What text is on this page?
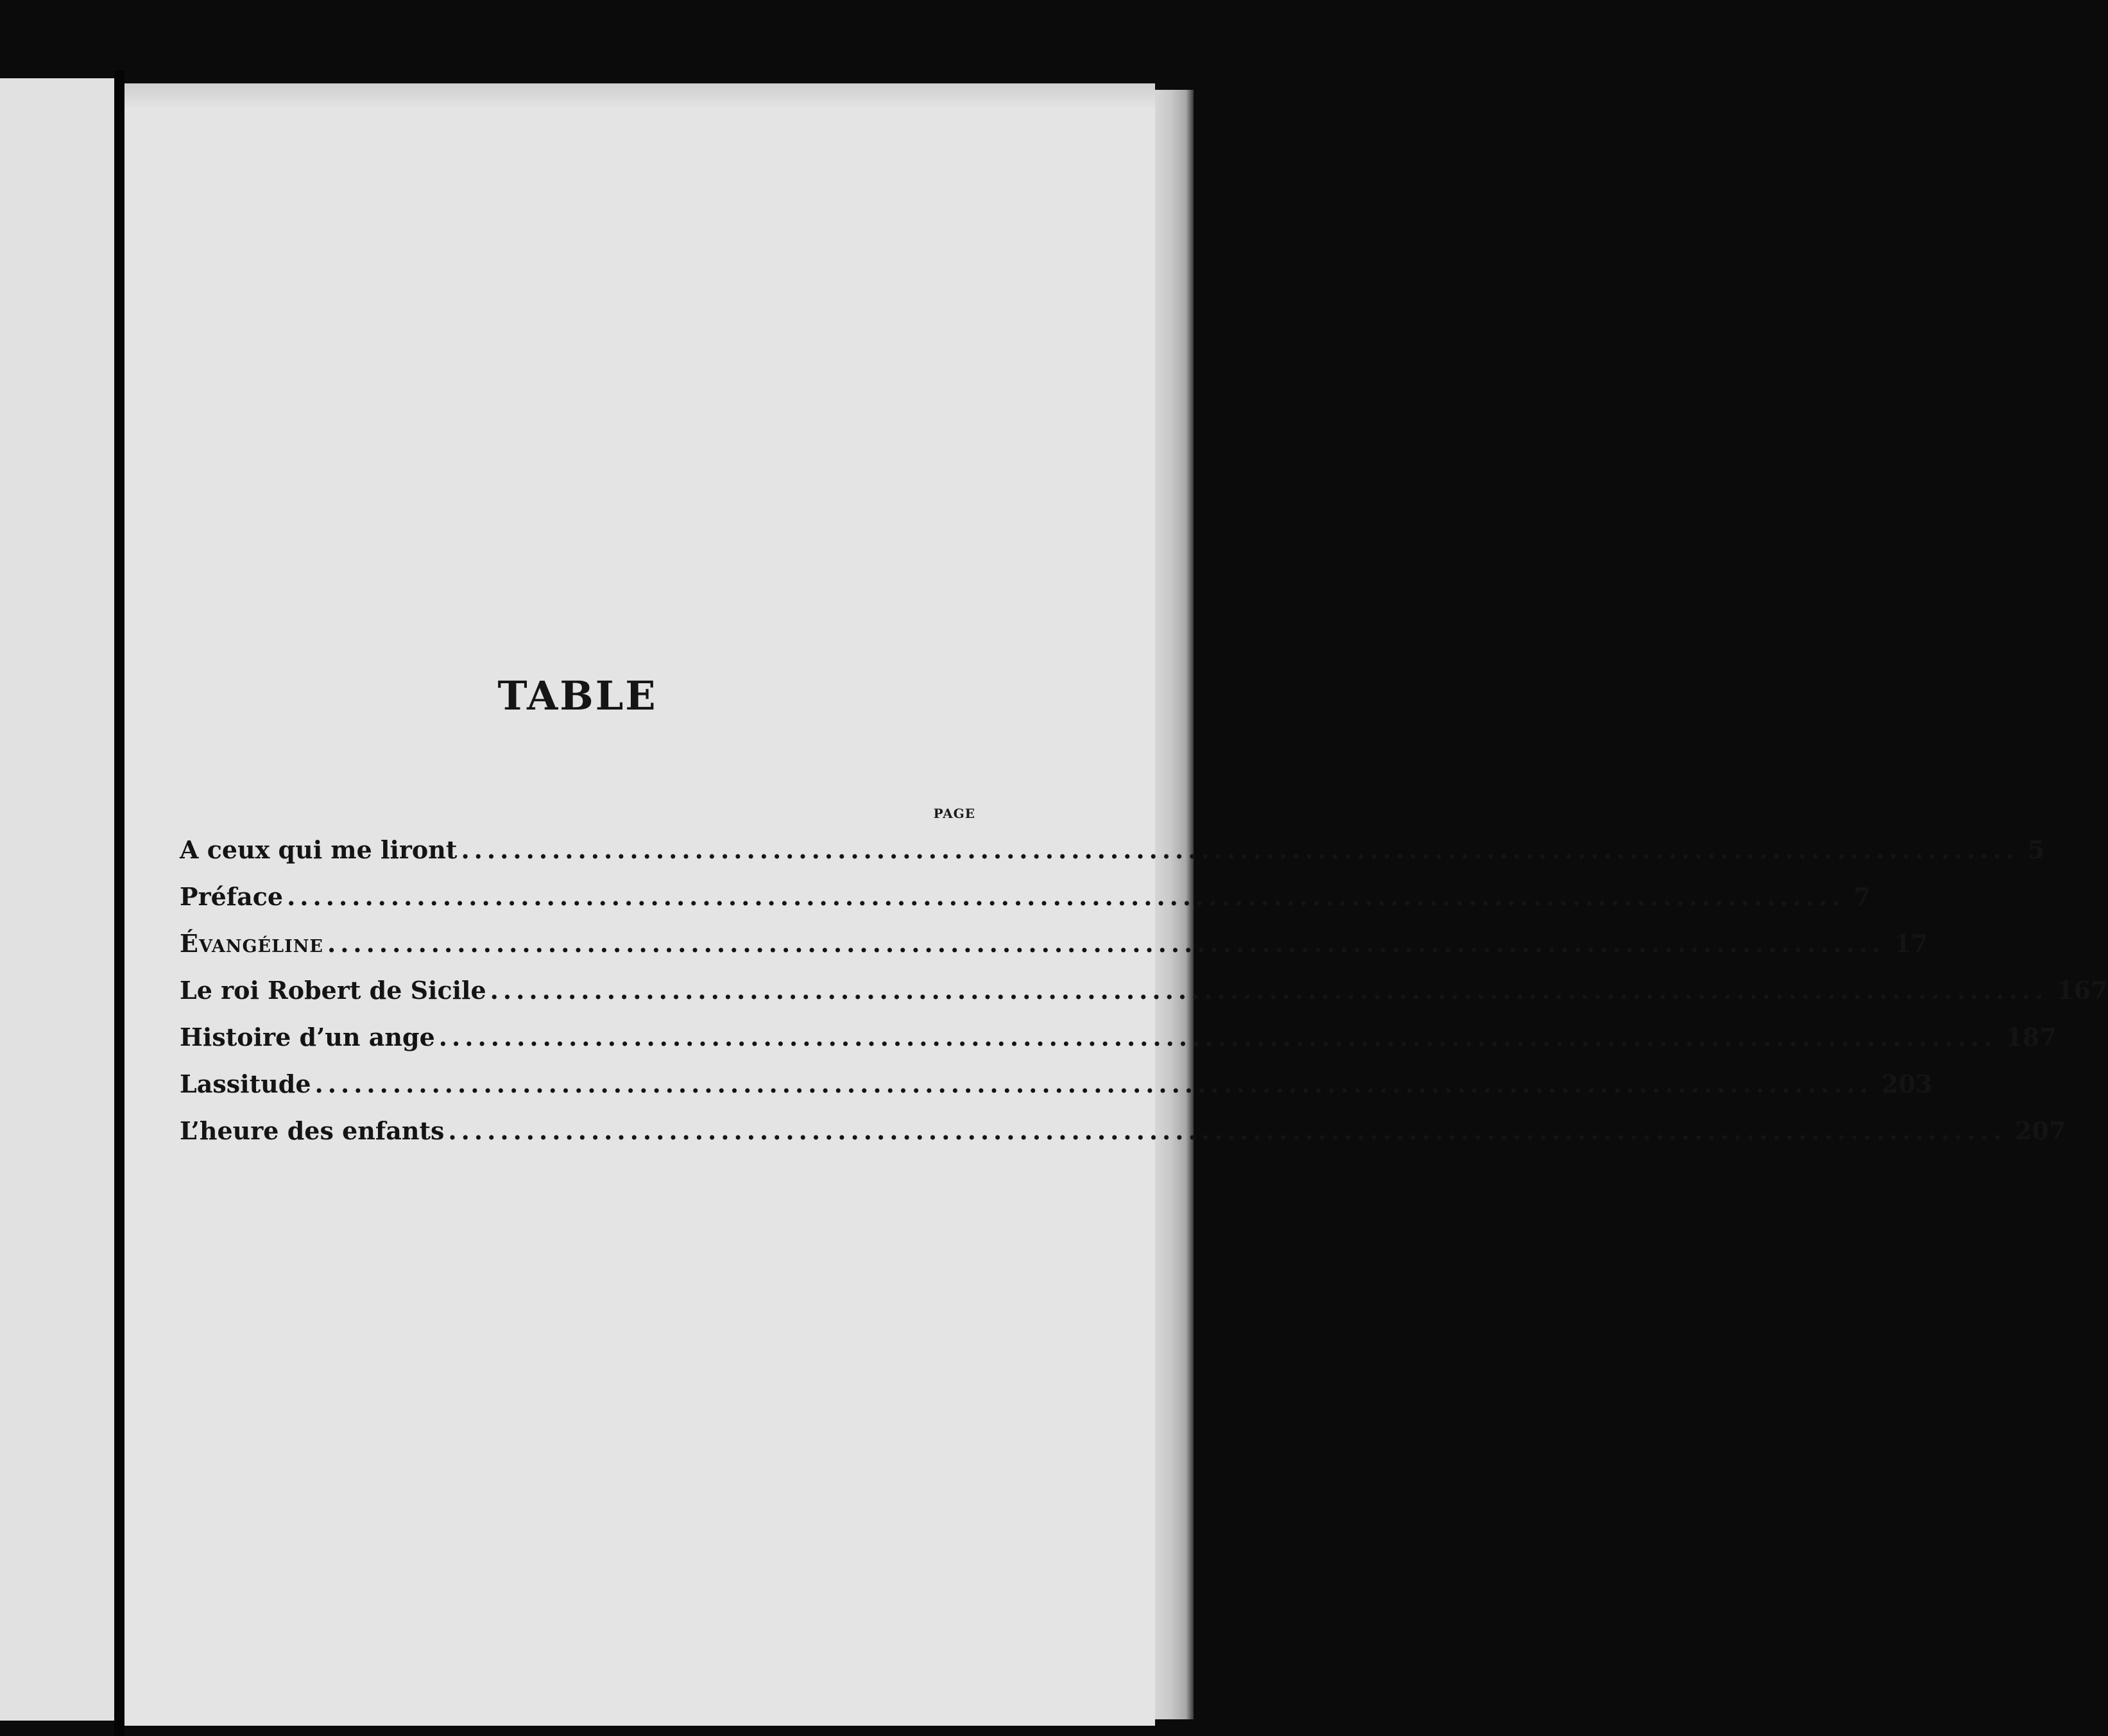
TABLE
PAGE
A ceux qui me liront ........................................................................................................................ 5
Préface ........................................................................................................................ 7
Évangéline ........................................................................................................................ 17
Le roi Robert de Sicile ........................................................................................................................ 167
Histoire d’un ange ........................................................................................................................ 187
Lassitude ........................................................................................................................ 203
L’heure des enfants ........................................................................................................................ 207
